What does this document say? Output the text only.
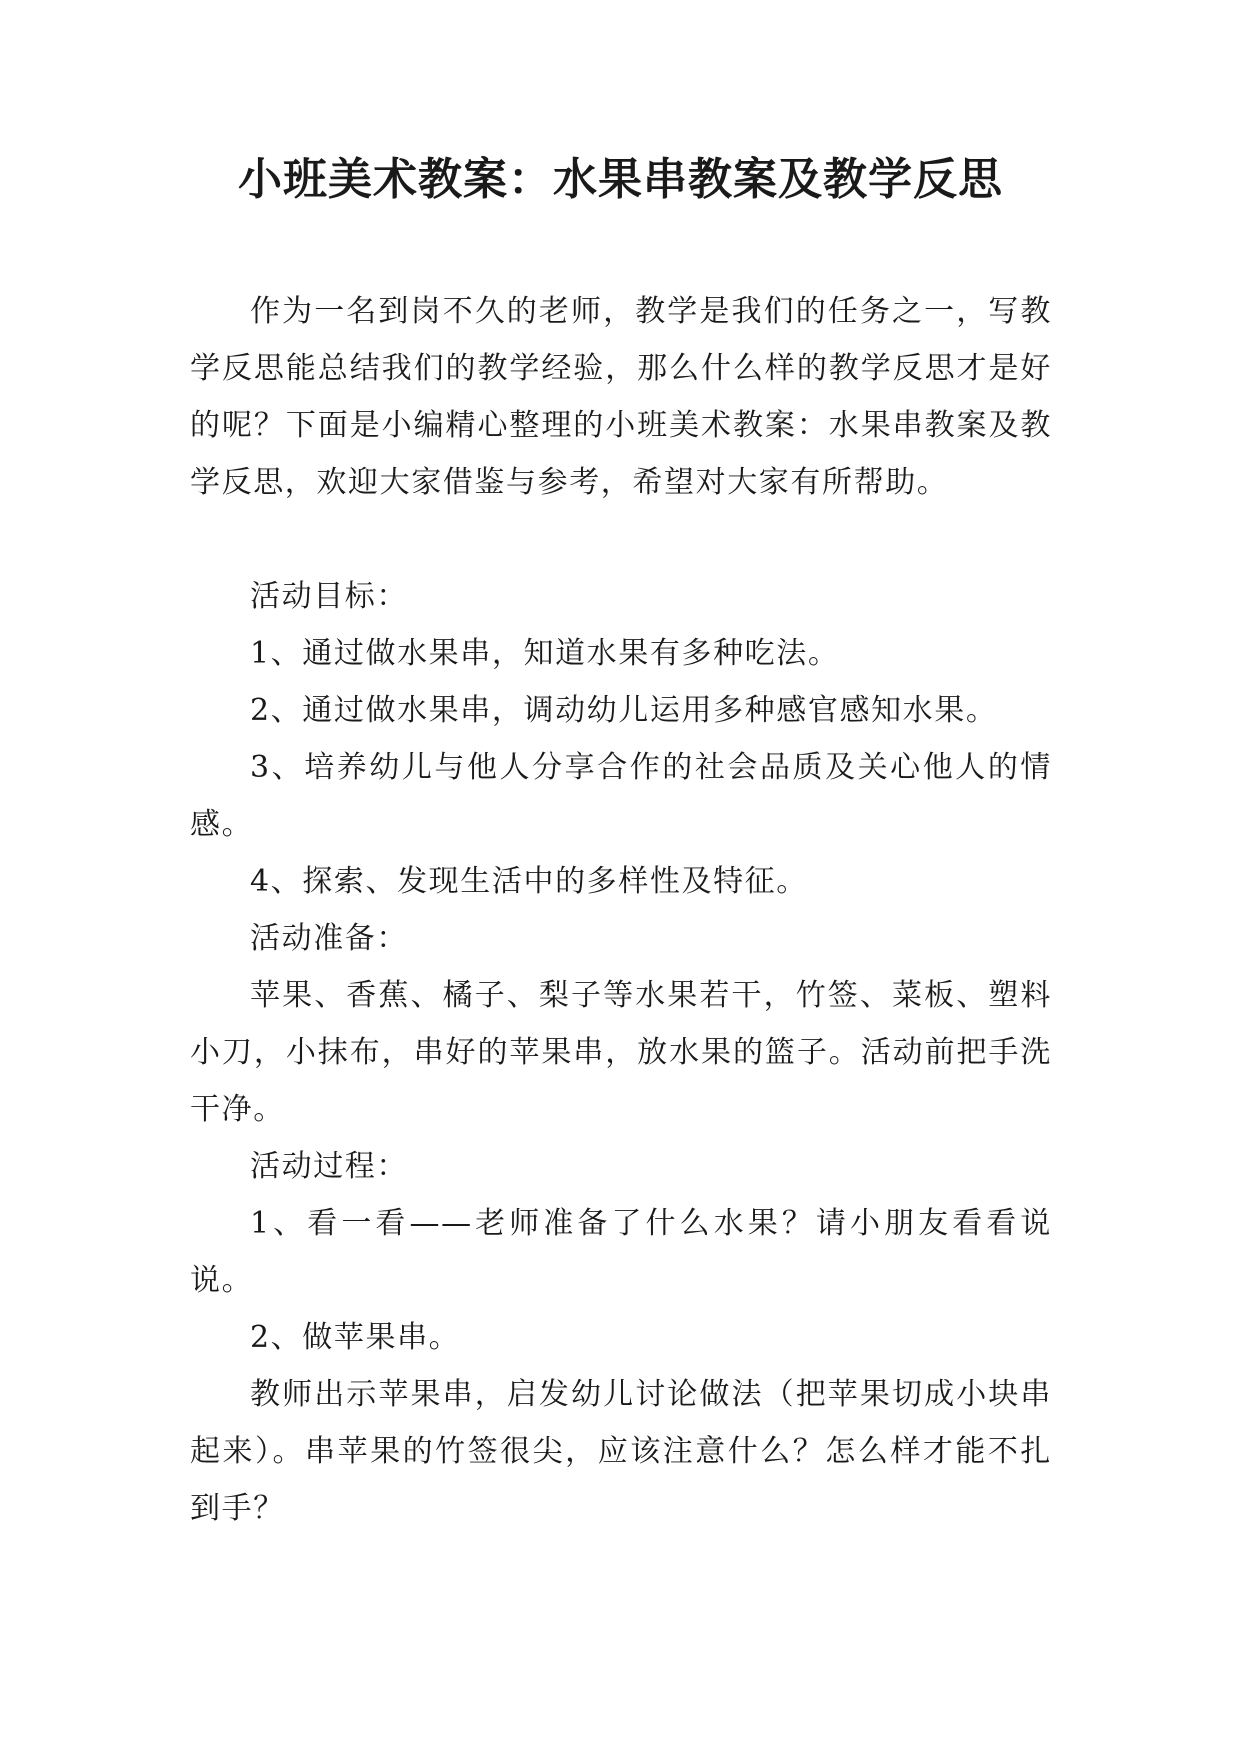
小班美术教案：水果串教案及教学反思

作为一名到岗不久的老师，教学是我们的任务之一，写教学反思能总结我们的教学经验，那么什么样的教学反思才是好的呢？下面是小编精心整理的小班美术教案：水果串教案及教学反思，欢迎大家借鉴与参考，希望对大家有所帮助。

活动目标：

1、通过做水果串，知道水果有多种吃法。

2、通过做水果串，调动幼儿运用多种感官感知水果。

3、培养幼儿与他人分享合作的社会品质及关心他人的情感。

4、探索、发现生活中的多样性及特征。

活动准备：

苹果、香蕉、橘子、梨子等水果若干，竹签、菜板、塑料小刀，小抹布，串好的苹果串，放水果的篮子。活动前把手洗干净。

活动过程：

1、看一看——老师准备了什么水果？请小朋友看看说说。

2、做苹果串。

教师出示苹果串，启发幼儿讨论做法（把苹果切成小块串起来）。串苹果的竹签很尖，应该注意什么？怎么样才能不扎到手？
